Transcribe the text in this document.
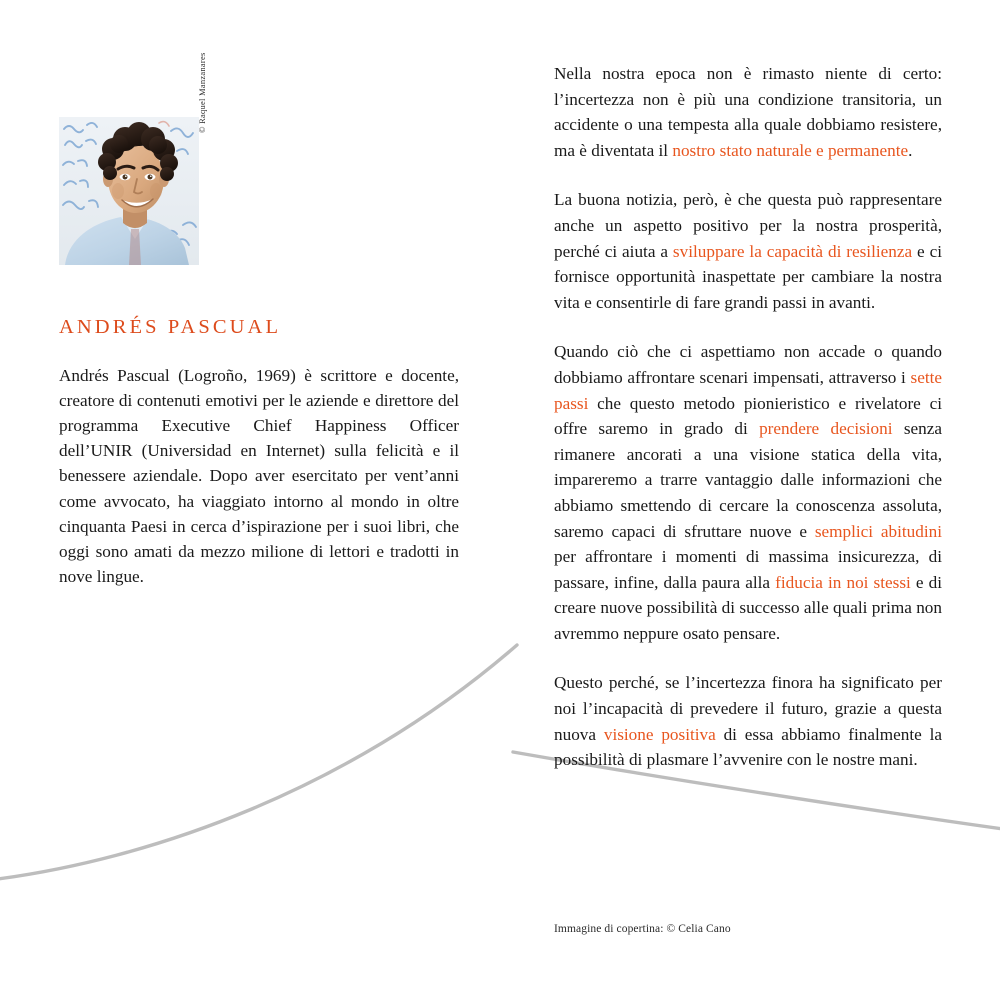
© Raquel Manzanares
ANDRÉS PASCUAL
Andrés Pascual (Logroño, 1969) è scrittore e docente, creatore di contenuti emotivi per le aziende e direttore del programma Executive Chief Happiness Officer dell’UNIR (Universidad en Internet) sulla felicità e il benessere aziendale. Dopo aver esercitato per vent’anni come avvocato, ha viaggiato intorno al mondo in oltre cinquanta Paesi in cerca d’ispirazione per i suoi libri, che oggi sono amati da mezzo milione di lettori e tradotti in nove lingue.

Nella nostra epoca non è rimasto niente di certo: l’incertezza non è più una condizione transitoria, un accidente o una tempesta alla quale dobbiamo resistere, ma è diventata il nostro stato naturale e permanente.

La buona notizia, però, è che questa può rappresentare anche un aspetto positivo per la nostra prosperità, perché ci aiuta a sviluppare la capacità di resilienza e ci fornisce opportunità inaspettate per cambiare la nostra vita e consentirle di fare grandi passi in avanti.

Quando ciò che ci aspettiamo non accade o quando dobbiamo affrontare scenari impensati, attraverso i sette passi che questo metodo pionieristico e rivelatore ci offre saremo in grado di prendere decisioni senza rimanere ancorati a una visione statica della vita, impareremo a trarre vantaggio dalle informazioni che abbiamo smettendo di cercare la conoscenza assoluta, saremo capaci di sfruttare nuove e semplici abitudini per affrontare i momenti di massima insicurezza, di passare, infine, dalla paura alla fiducia in noi stessi e di creare nuove possibilità di successo alle quali prima non avremmo neppure osato pensare.

Questo perché, se l’incertezza finora ha significato per noi l’incapacità di prevedere il futuro, grazie a questa nuova visione positiva di essa abbiamo finalmente la possibilità di plasmare l’avvenire con le nostre mani.

Immagine di copertina: © Celia Cano
